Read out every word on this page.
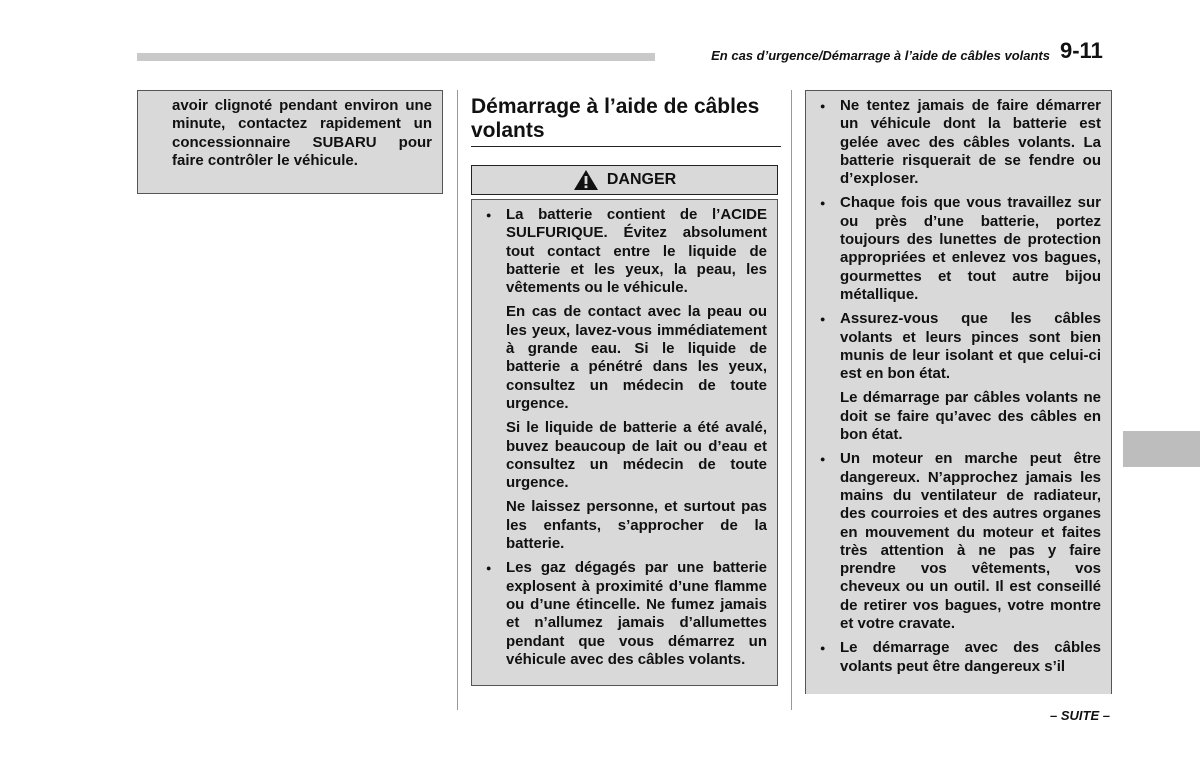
En cas d’urgence/Démarrage à l’aide de câbles volants 9-11

avoir clignoté pendant environ une minute, contactez rapidement un concessionnaire SUBARU pour faire contrôler le véhicule.

Démarrage à l’aide de câbles volants
DANGER

● La batterie contient de l’ACIDE SULFURIQUE. Évitez absolument tout contact entre le liquide de batterie et les yeux, la peau, les vêtements ou le véhicule.

En cas de contact avec la peau ou les yeux, lavez-vous immédiatement à grande eau. Si le liquide de batterie a pénétré dans les yeux, consultez un médecin de toute urgence.

Si le liquide de batterie a été avalé, buvez beaucoup de lait ou d’eau et consultez un médecin de toute urgence.

Ne laissez personne, et surtout pas les enfants, s’approcher de la batterie.

● Les gaz dégagés par une batterie explosent à proximité d’une flamme ou d’une étincelle. Ne fumez jamais et n’allumez jamais d’allumettes pendant que vous démarrez un véhicule avec des câbles volants.

● Ne tentez jamais de faire démarrer un véhicule dont la batterie est gelée avec des câbles volants. La batterie risquerait de se fendre ou d’exploser.

● Chaque fois que vous travaillez sur ou près d’une batterie, portez toujours des lunettes de protection appropriées et enlevez vos bagues, gourmettes et tout autre bijou métallique.

● Assurez-vous que les câbles volants et leurs pinces sont bien munis de leur isolant et que celui-ci est en bon état.

Le démarrage par câbles volants ne doit se faire qu’avec des câbles en bon état.

● Un moteur en marche peut être dangereux. N’approchez jamais les mains du ventilateur de radiateur, des courroies et des autres organes en mouvement du moteur et faites très attention à ne pas y faire prendre vos vêtements, vos cheveux ou un outil. Il est conseillé de retirer vos bagues, votre montre et votre cravate.

● Le démarrage avec des câbles volants peut être dangereux s’il

– SUITE –
